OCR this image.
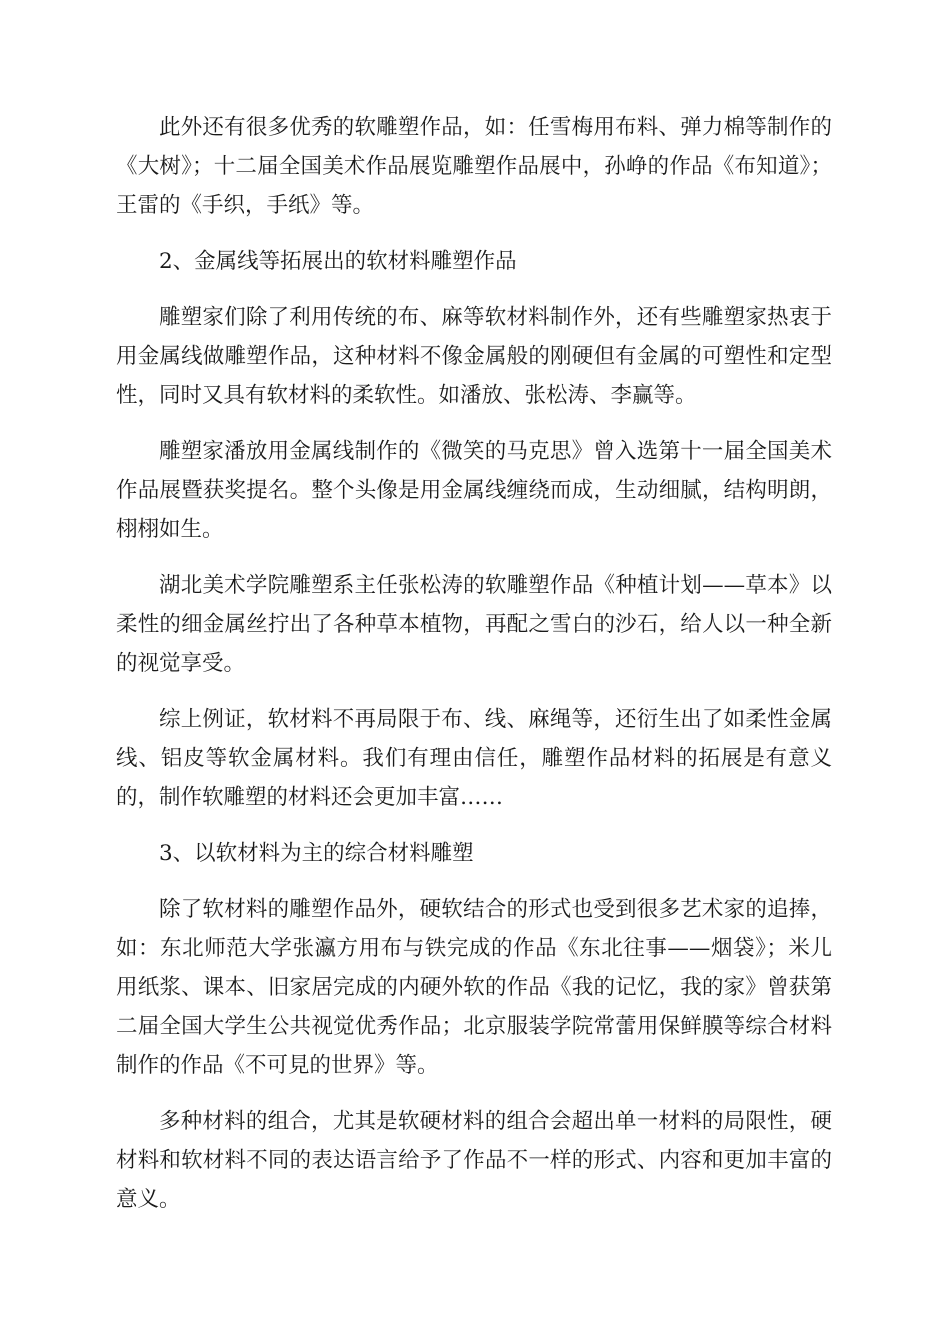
此外还有很多优秀的软雕塑作品，如：任雪梅用布料、弹力棉等制作的《大树》；十二届全国美术作品展览雕塑作品展中，孙峥的作品《布知道》；王雷的《手织，手纸》等。

2、金属线等拓展出的软材料雕塑作品

雕塑家们除了利用传统的布、麻等软材料制作外，还有些雕塑家热衷于用金属线做雕塑作品，这种材料不像金属般的刚硬但有金属的可塑性和定型性，同时又具有软材料的柔软性。如潘放、张松涛、李赢等。

雕塑家潘放用金属线制作的《微笑的马克思》曾入选第十一届全国美术作品展暨获奖提名。整个头像是用金属线缠绕而成，生动细腻，结构明朗，栩栩如生。

湖北美术学院雕塑系主任张松涛的软雕塑作品《种植计划——草本》以柔性的细金属丝拧出了各种草本植物，再配之雪白的沙石，给人以一种全新的视觉享受。

综上例证，软材料不再局限于布、线、麻绳等，还衍生出了如柔性金属线、铝皮等软金属材料。我们有理由信任，雕塑作品材料的拓展是有意义的，制作软雕塑的材料还会更加丰富……

3、以软材料为主的综合材料雕塑

除了软材料的雕塑作品外，硬软结合的形式也受到很多艺术家的追捧，如：东北师范大学张瀛方用布与铁完成的作品《东北往事——烟袋》；米儿用纸浆、课本、旧家居完成的内硬外软的作品《我的记忆，我的家》曾获第二届全国大学生公共视觉优秀作品；北京服装学院常蕾用保鲜膜等综合材料制作的作品《不可見的世界》等。

多种材料的组合，尤其是软硬材料的组合会超出单一材料的局限性，硬材料和软材料不同的表达语言给予了作品不一样的形式、内容和更加丰富的意义。
